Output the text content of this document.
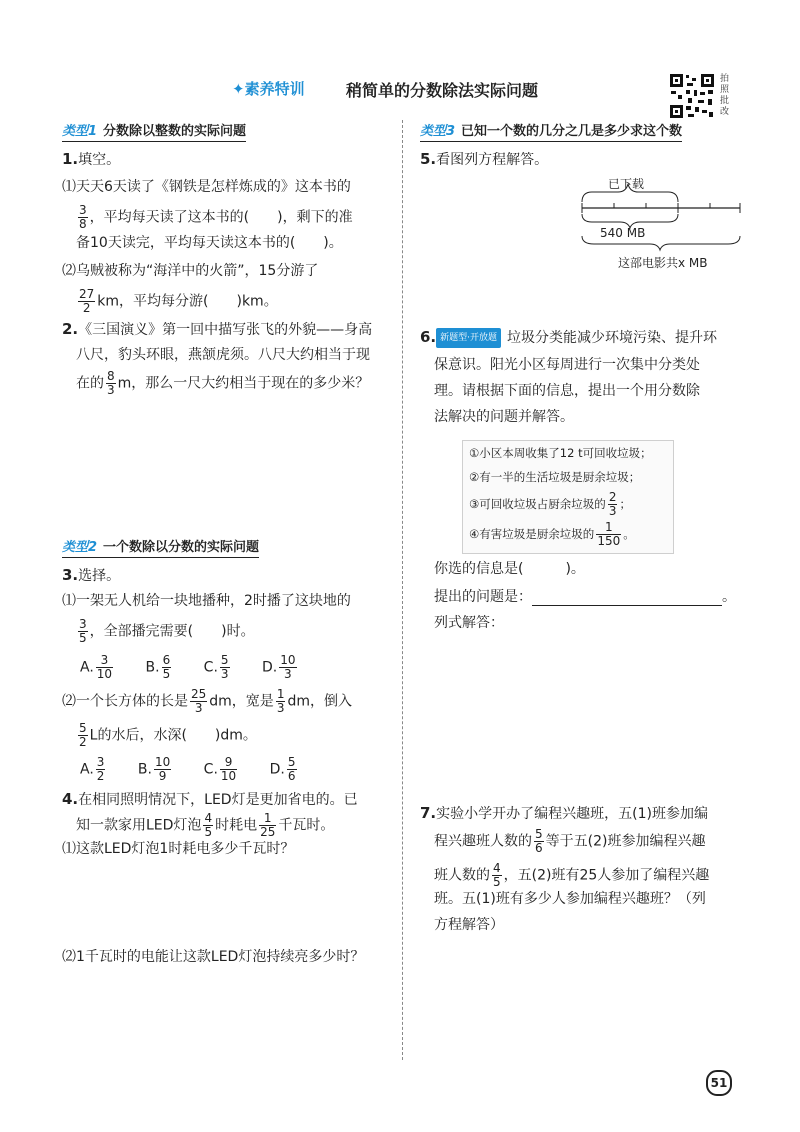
✦素养特训	稍简单的分数除法实际问题
拍照批改
类型1 分数除以整数的实际问题
1.填空。
⑴天天6天读了《钢铁是怎样炼成的》这本书的
$\frac{3}{8}$ ，平均每天读了这本书的(　　)，剩下的准
备10天读完，平均每天读这本书的(　　)。
⑵乌贼被称为“海洋中的火箭”，15分游了
$\frac{27}{2}$ km，平均每分游(　　)km。
2.《三国演义》第一回中描写张飞的外貌——身高
八尺，豹头环眼，燕颔虎须。八尺大约相当于现
在的 $\frac{8}{3}$ m，那么一尺大约相当于现在的多少米？
类型2 一个数除以分数的实际问题
3.选择。
⑴一架无人机给一块地播种，2时播了这块地的
$\frac{3}{5}$ ，全部播完需要(　　)时。
A. $\frac{3}{10} B$. $\frac{6}{5} C$. $\frac{5}{3} D$. $\frac{10}{3}$
⑵一个长方体的长是 $\frac{25}{3}$ dm，宽是 $\frac{1}{3}$ dm，倒入
$\frac{5}{2}$ L的水后，水深(　　)dm。
A. $\frac{3}{2} B$. $\frac{10}{9} C$. $\frac{9}{10} D$. $\frac{5}{6}$
4.在相同照明情况下，LED灯是更加省电的。已
知一款家用LED灯泡 $\frac{4}{5}$ 时耗电 $\frac{1}{25}$ 千瓦时。
⑴这款LED灯泡1时耗电多少千瓦时？
⑵1千瓦时的电能让这款LED灯泡持续亮多少时？
类型3 已知一个数的几分之几是多少求这个数
5.看图列方程解答。
已下载
540 MB
这部电影共x MB
6. 新题型·开放题 垃圾分类能减少环境污染、提升环
保意识。阳光小区每周进行一次集中分类处
理。请根据下面的信息，提出一个用分数除
法解决的问题并解答。
①小区本周收集了12 t可回收垃圾；
②有一半的生活垃圾是厨余垃圾；
③可回收垃圾占厨余垃圾的 $\frac{2}{3}$ ；
④有害垃圾是厨余垃圾的 $\frac{1}{150}$ 。
你选的信息是(　　　)。
提出的问题是：	。
列式解答：
7.实验小学开办了编程兴趣班，五(1)班参加编
程兴趣班人数的 $\frac{5}{6}$ 等于五(2)班参加编程兴趣
班人数的 $\frac{4}{5}$ ，五(2)班有25人参加了编程兴趣
班。五(1)班有多少人参加编程兴趣班？（列
方程解答）
51
